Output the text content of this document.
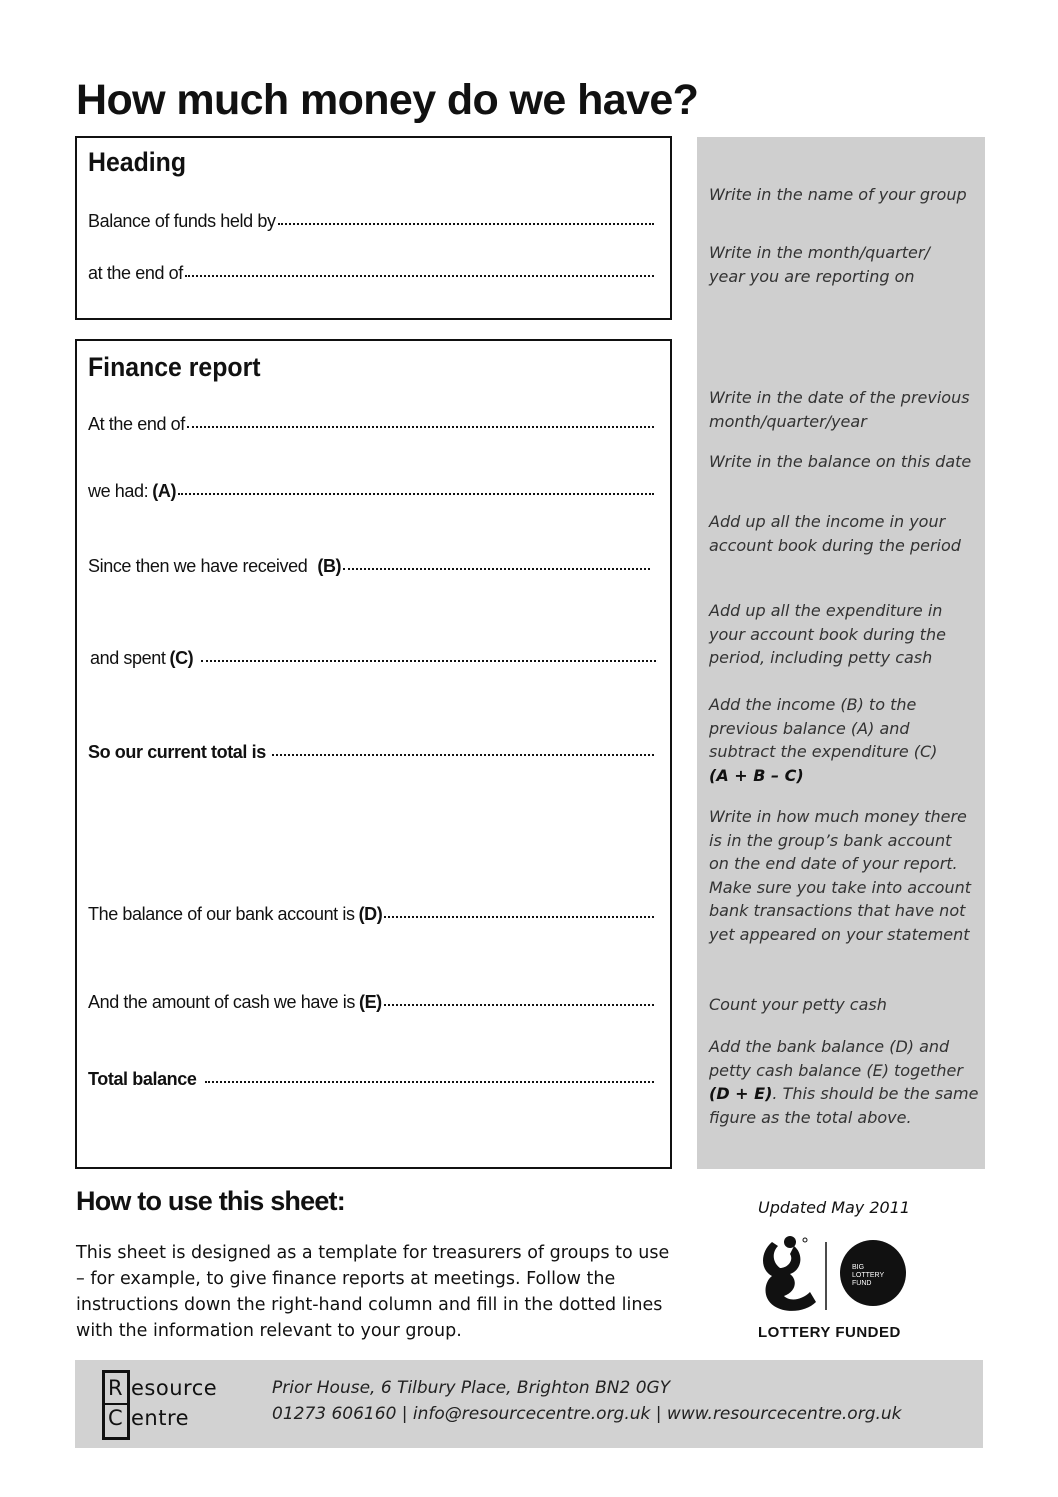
How much money do we have?
Heading
Balance of funds held by
at the end of
Finance report
At the end of
we had: (A)
Since then we have received (B)
and spent (C)
So our current total is
The balance of our bank account is (D)
And the amount of cash we have is (E)
Total balance
Write in the name of your group
Write in the month/quarter/ year you are reporting on
Write in the date of the previous month/quarter/year
Write in the balance on this date
Add up all the income in your account book during the period
Add up all the expenditure in your account book during the period, including petty cash
Add the income (B) to the previous balance (A) and subtract the expenditure (C)
(A + B – C)
Write in how much money there is in the group’s bank account on the end date of your report. Make sure you take into account bank transactions that have not yet appeared on your statement
Count your petty cash
Add the bank balance (D) and petty cash balance (E) together (D + E). This should be the same figure as the total above.
How to use this sheet:
This sheet is designed as a template for treasurers of groups to use – for example, to give finance reports at meetings. Follow the instructions down the right-hand column and fill in the dotted lines with the information relevant to your group.
Updated May 2011
BIG
LOTTERY
FUND
LOTTERY FUNDED
R
C
esource
entre
Prior House, 6 Tilbury Place, Brighton BN2 0GY
01273 606160 | info@resourcecentre.org.uk | www.resourcecentre.org.uk
